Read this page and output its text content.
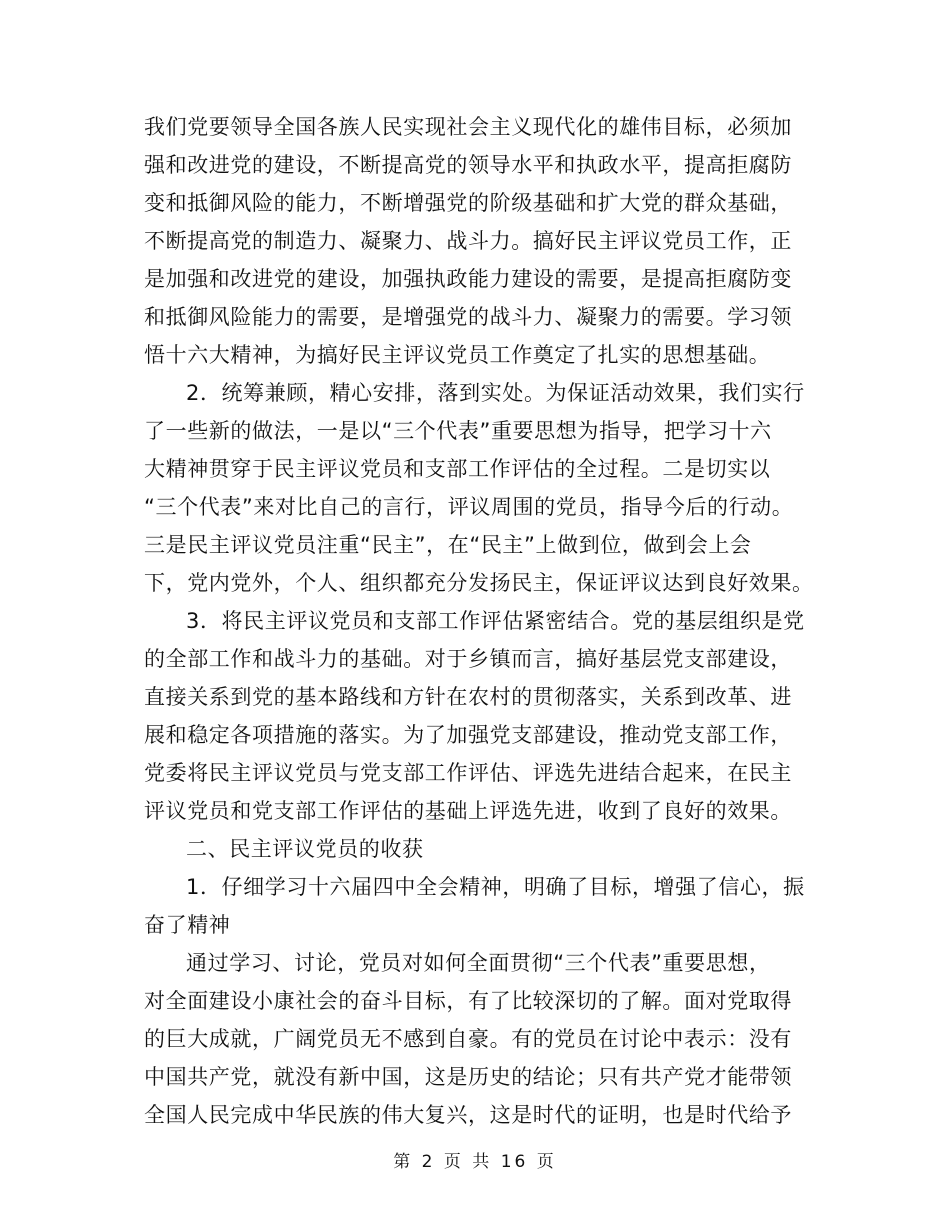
我们党要领导全国各族人民实现社会主义现代化的雄伟目标，必须加

强和改进党的建设，不断提高党的领导水平和执政水平，提高拒腐防

变和抵御风险的能力，不断增强党的阶级基础和扩大党的群众基础，

不断提高党的制造力、凝聚力、战斗力。搞好民主评议党员工作，正

是加强和改进党的建设，加强执政能力建设的需要，是提高拒腐防变

和抵御风险能力的需要，是增强党的战斗力、凝聚力的需要。学习领

悟十六大精神，为搞好民主评议党员工作奠定了扎实的思想基础。

2．统筹兼顾，精心安排，落到实处。为保证活动效果，我们实行

了一些新的做法，一是以“三个代表”重要思想为指导，把学习十六

大精神贯穿于民主评议党员和支部工作评估的全过程。二是切实以

“三个代表”来对比自己的言行，评议周围的党员，指导今后的行动。

三是民主评议党员注重“民主”，在“民主”上做到位，做到会上会

下，党内党外，个人、组织都充分发扬民主，保证评议达到良好效果。

3．将民主评议党员和支部工作评估紧密结合。党的基层组织是党

的全部工作和战斗力的基础。对于乡镇而言，搞好基层党支部建设，

直接关系到党的基本路线和方针在农村的贯彻落实，关系到改革、进

展和稳定各项措施的落实。为了加强党支部建设，推动党支部工作，

党委将民主评议党员与党支部工作评估、评选先进结合起来，在民主

评议党员和党支部工作评估的基础上评选先进，收到了良好的效果。

二、民主评议党员的收获

1．仔细学习十六届四中全会精神，明确了目标，增强了信心，振

奋了精神

通过学习、讨论，党员对如何全面贯彻“三个代表”重要思想，

对全面建设小康社会的奋斗目标，有了比较深切的了解。面对党取得

的巨大成就，广阔党员无不感到自豪。有的党员在讨论中表示：没有

中国共产党，就没有新中国，这是历史的结论；只有共产党才能带领

全国人民完成中华民族的伟大复兴，这是时代的证明，也是时代给予

第 2 页 共 16 页
